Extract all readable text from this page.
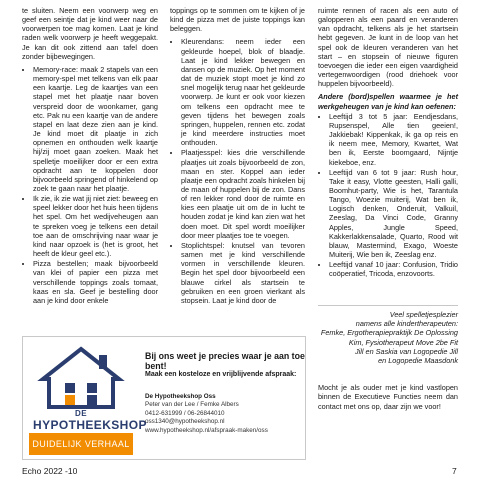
te sluiten. Neem een voorwerp weg en geef een seintje dat je kind weer naar de voorwerpen toe mag komen. Laat je kind raden welk voorwerp je heeft weggepakt. Je kan dit ook zittend aan tafel doen zonder bijbewegingen.

• Memory-race: maak 2 stapels van een memory-spel met telkens van elk paar een kaartje. Leg de kaartjes van een stapel met het plaatje naar boven verspreid door de woonkamer, gang etc. Pak nu een kaartje van de andere stapel en laat deze zien aan je kind. Je kind moet dit plaatje in zich opnemen en onthouden welk kaartje hij/zij moet gaan zoeken. Maak het spelletje moeilijker door er een extra opdracht aan te koppelen door bijvoorbeeld springend of hinkelend op zoek te gaan naar het plaatje.
• Ik zie, ik zie wat jij niet ziet: beweeg en speel lekker door het huis heen tijdens het spel. Om het wedijveheugen aan te spreken voeg je telkens een detail toe aan de omschrijving naar waar je kind naar opzoek is (het is groot, het heeft de kleur geel etc.).
• Pizza bestellen; maak bijvoorbeeld van klei of papier een pizza met verschillende toppings zoals tomaat, kaas en sla. Geef je bestelling door aan je kind door enkele

toppings op te sommen om te kijken of je kind de pizza met de juiste toppings kan beleggen.

• Kleurendans: neem ieder een gekleurde hoepel, blok of blaadje. Laat je kind lekker bewegen en dansen op de muziek. Op het moment dat de muziek stopt moet je kind zo snel mogelijk terug naar het gekleurde voorwerp. Je kunt er ook voor kiezen om telkens een opdracht mee te geven tijdens het bewegen zoals springen, huppelen, rennen etc. zodat je kind meerdere instructies moet onthouden.
• Plaatjesspel: kies drie verschillende plaatjes uit zoals bijvoorbeeld de zon, maan en ster. Koppel aan ieder plaatje een opdracht zoals hinkelen bij de maan of huppelen bij de zon. Dans of ren lekker rond door de ruimte en kies een plaatje uit om de in lucht te houden zodat je kind kan zien wat het doen moet. Dit spel wordt moeilijker door meer plaatjes toe te voegen.
• Stoplichtspel: knutsel van tevoren samen met je kind verschillende vormen in verschillende kleuren. Begin het spel door bijvoorbeeld een blauwe cirkel als startsein te gebruiken en een groen vierkant als stopsein. Laat je kind door de

ruimte rennen of racen als een auto of galopperen als een paard en veranderen van opdracht, telkens als je het startsein hebt gegeven. Je kunt in de loop van het spel ook de kleuren veranderen van het start – en stopsein of nieuwe figuren toevoegen die ieder een eigen vaardigheid vertegenwoordigen (rood driehoek voor huppelen bijvoorbeeld).

Andere (bord)spellen waarmee je het werkgeheugen van je kind kan oefenen:

• Leeftijd 3 tot 5 jaar: Eendjesdans, Rupsenspel, Alle tien geeien!, Jakkiebak! Kippenkak, ik ga op reis en ik neem mee, Memory, Kwartet, Wat ben ik, Eerste boomgaard, Nijntje kiekeboe, enz.
• Leeftijd van 6 tot 9 jaar: Rush hour, Take it easy, Vlotte geesten, Halli galli, Boomhut-party, Wie is het, Tarantula Tango, Woezie muiterij, Wat ben ik, Logisch denken, Onderuit, Valkuil, Zeeslag, Da Vinci Code, Granny Apples, Jungle Speed, Kakkerlakkensalade, Quarto, Rood wit blauw, Mastermind, Exago, Woeste Muiterij, Wie ben ik, Zeeslag enz.
• Leeftijd vanaf 10 jaar: Confusion, Tridio coöperatief, Tricoda, enzovoorts.
Veel spelletjesplezier
namens alle kindertherapeuten:
Femke, Ergotherapiepraktijk De Oplossing
Kim, Fysiotherapeut Move 2be Fit
Jill en Saskia van Logopedie Jill
en Logopedie Maasdonk
Mocht je als ouder met je kind vastlopen binnen de Executieve Functies neem dan contact met ons op, daar zijn we voor!
DE
HYPOTHEEKSHOP
DUIDELIJK VERHAAL
Bij ons weet je precies waar je aan toe bent!
Maak een kosteloze en vrijblijvende afspraak:
De Hypotheekshop Oss
Peter van der Lee / Femke Albers
0412-631999 / 06-26844010
oss1340@hypotheekshop.nl
www.hypotheekshop.nl/afspraak-maken/oss
Echo 2022 -10	7
